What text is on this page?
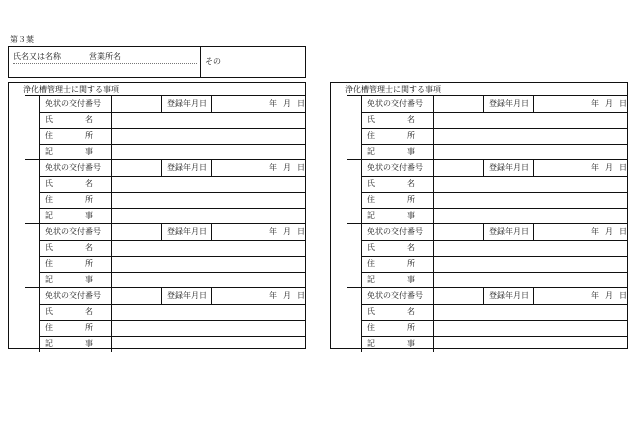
第３葉
氏名又は名称	営業所名
その
浄化槽管理士に関する事項
免状の交付番号	登録年月日	年 月 日
氏　　　　名
住　　　　所
記　　　　事
免状の交付番号	登録年月日	年 月 日
氏　　　　名
住　　　　所
記　　　　事
免状の交付番号	登録年月日	年 月 日
氏　　　　名
住　　　　所
記　　　　事
免状の交付番号	登録年月日	年 月 日
氏　　　　名
住　　　　所
記　　　　事
浄化槽管理士に関する事項
免状の交付番号	登録年月日	年 月 日
氏　　　　名
住　　　　所
記　　　　事
免状の交付番号	登録年月日	年 月 日
氏　　　　名
住　　　　所
記　　　　事
免状の交付番号	登録年月日	年 月 日
氏　　　　名
住　　　　所
記　　　　事
免状の交付番号	登録年月日	年 月 日
氏　　　　名
住　　　　所
記　　　　事
